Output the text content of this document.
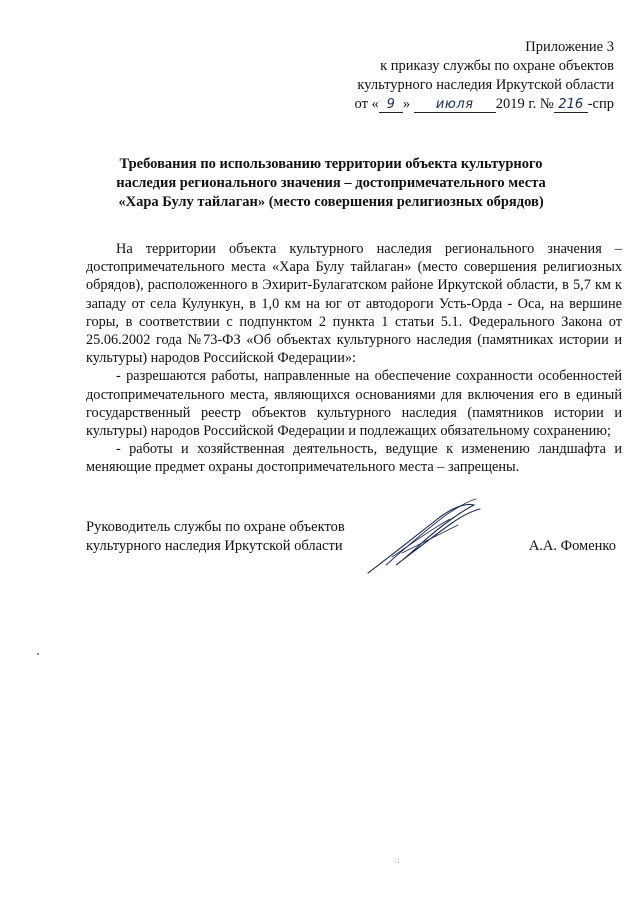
Приложение 3
к приказу службы по охране объектов
культурного наследия Иркутской области
от « 9 » июля 2019 г. № 216 -спр
Требования по использованию территории объекта культурного наследия регионального значения – достопримечательного места «Хара Булу тайлаган» (место совершения религиозных обрядов)

На территории объекта культурного наследия регионального значения – достопримечательного места «Хара Булу тайлаган» (место совершения религиозных обрядов), расположенного в Эхирит-Булагатском районе Иркутской области, в 5,7 км к западу от села Кулункун, в 1,0 км на юг от автодороги Усть-Орда - Оса, на вершине горы, в соответствии с подпунктом 2 пункта 1 статьи 5.1. Федерального Закона от 25.06.2002 года №73-ФЗ «Об объектах культурного наследия (памятниках истории и культуры) народов Российской Федерации»:

- разрешаются работы, направленные на обеспечение сохранности особенностей достопримечательного места, являющихся основаниями для включения его в единый государственный реестр объектов культурного наследия (памятников истории и культуры) народов Российской Федерации и подлежащих обязательному сохранению;

- работы и хозяйственная деятельность, ведущие к изменению ландшафта и меняющие предмет охраны достопримечательного места – запрещены.

Руководитель службы по охране объектов
культурного наследия Иркутской области	А.А. Фоменко
